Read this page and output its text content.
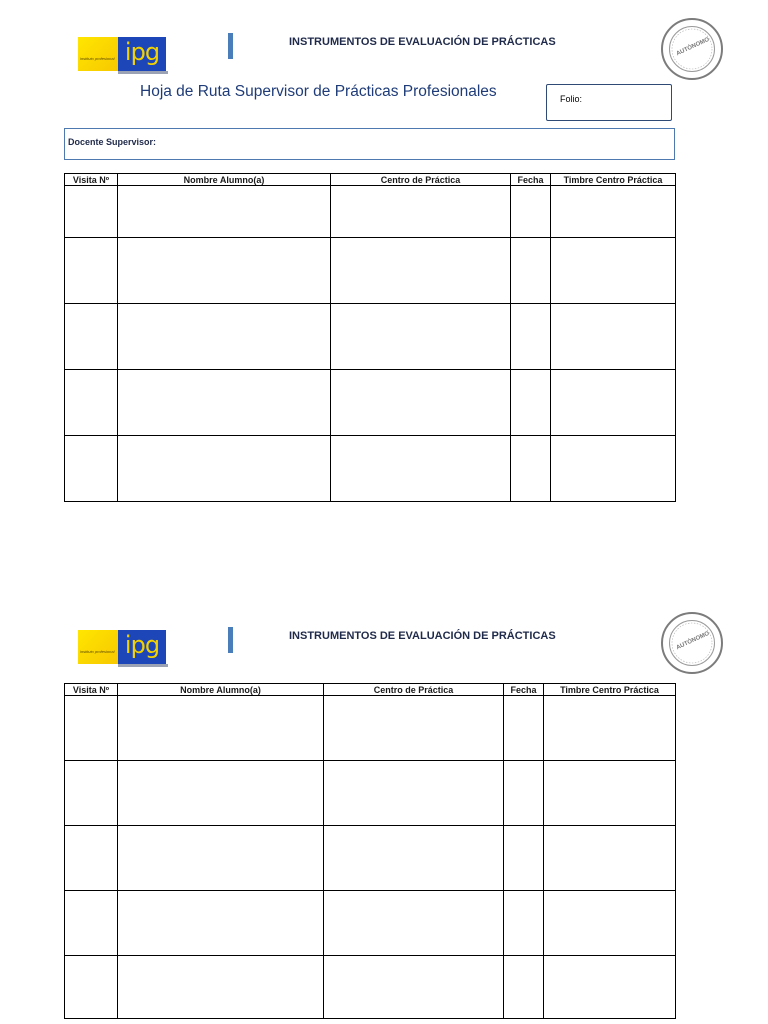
instituto profesional ipg	INSTRUMENTOS DE EVALUACIÓN DE PRÁCTICAS	AUTÓNOMO
Hoja de Ruta Supervisor de Prácticas Profesionales	Folio:
Docente Supervisor:
Visita Nº	Nombre Alumno(a)	Centro de Práctica	Fecha	Timbre Centro Práctica

instituto profesional ipg	INSTRUMENTOS DE EVALUACIÓN DE PRÁCTICAS	AUTÓNOMO
Visita Nº	Nombre Alumno(a)	Centro de Práctica	Fecha	Timbre Centro Práctica
